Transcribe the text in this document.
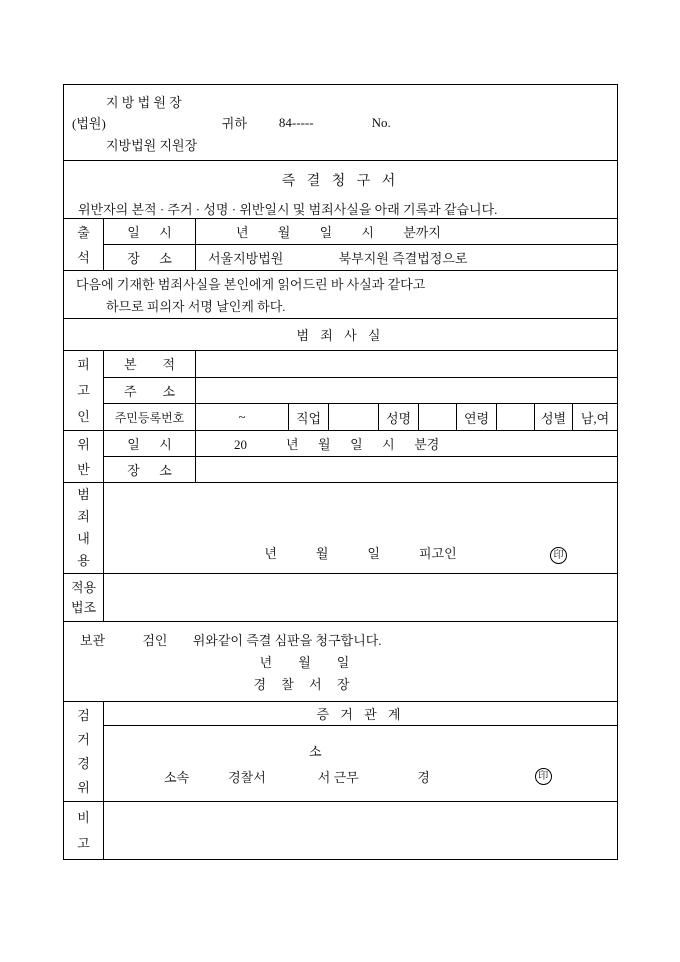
지 방 법 원 장
(법원)	귀하 84-----	No.
지방법원 지원장
즉 결 청 구 서
위반자의 본적 · 주거 · 성명 · 위반일시 및 범죄사실을 아래 기록과 같습니다.
출석
일      시	년         월         일         시         분까지
장      소	서울지방법원                 북부지원 즉결법정으로
다음에 기재한 범죄사실을 본인에게 읽어드린 바 사실과 같다고
하므로 피의자 서명 날인케 하다.
범 죄 사 실
피고인
본        적
주        소
주민등록번호	~	직업	성명	연령	성별	남,여
위반
일      시	20            년      월      일      시      분경
장      소
범죄내용	년            월            일            피고인	印
적용법조
보관	검인 위와같이 즉결 심판을 청구합니다.
년        월        일
경 찰 서 장
검거경위
증 거 관 계
소
소속            경찰서                서 근무                  경	印
비고
